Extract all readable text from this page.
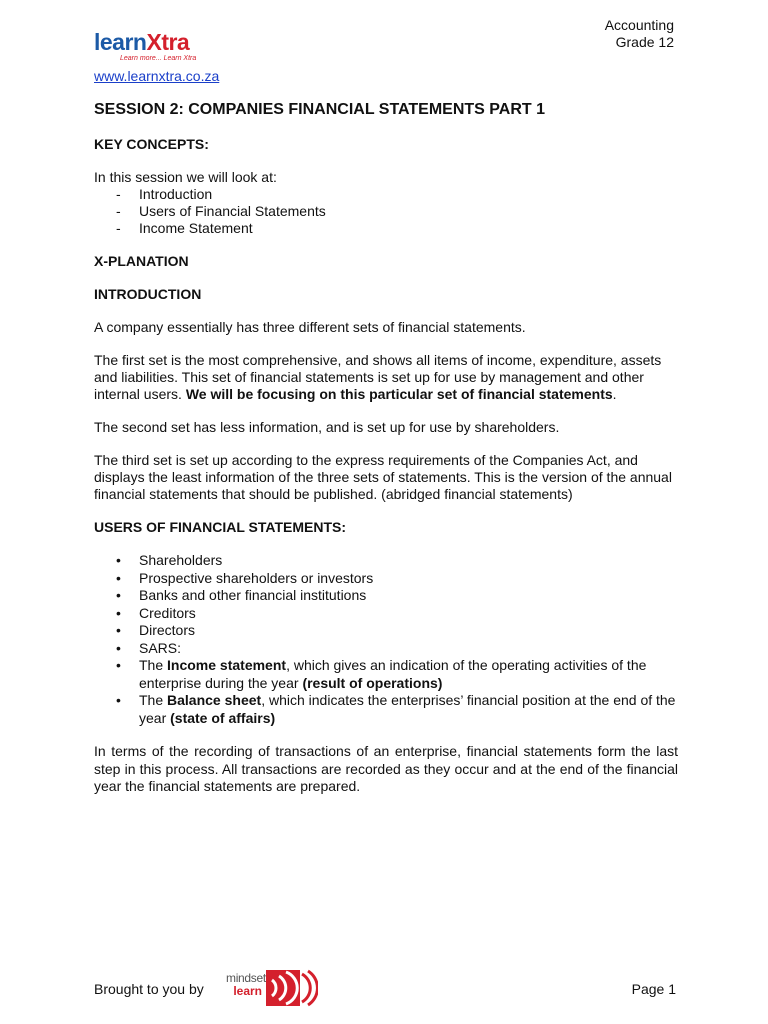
learnXtra
Learn more... Learn Xtra
Accounting
Grade 12
www.learnxtra.co.za

SESSION 2: COMPANIES FINANCIAL STATEMENTS PART 1

KEY CONCEPTS:

In this session we will look at:

- Introduction
- Users of Financial Statements
- Income Statement

X-PLANATION

INTRODUCTION

A company essentially has three different sets of financial statements.

The first set is the most comprehensive, and shows all items of income, expenditure, assets and liabilities. This set of financial statements is set up for use by management and other internal users. We will be focusing on this particular set of financial statements.

The second set has less information, and is set up for use by shareholders.

The third set is set up according to the express requirements of the Companies Act, and displays the least information of the three sets of statements. This is the version of the annual financial statements that should be published. (abridged financial statements)

USERS OF FINANCIAL STATEMENTS:

• Shareholders
• Prospective shareholders or investors
• Banks and other financial institutions
• Creditors
• Directors
• SARS:
• The Income statement, which gives an indication of the operating activities of the enterprise during the year (result of operations)
• The Balance sheet, which indicates the enterprises’ financial position at the end of the year (state of affairs)

In terms of the recording of transactions of an enterprise, financial statements form the last step in this process. All transactions are recorded as they occur and at the end of the financial year the financial statements are prepared.

Brought to you by
mindset
learn	Page 1
